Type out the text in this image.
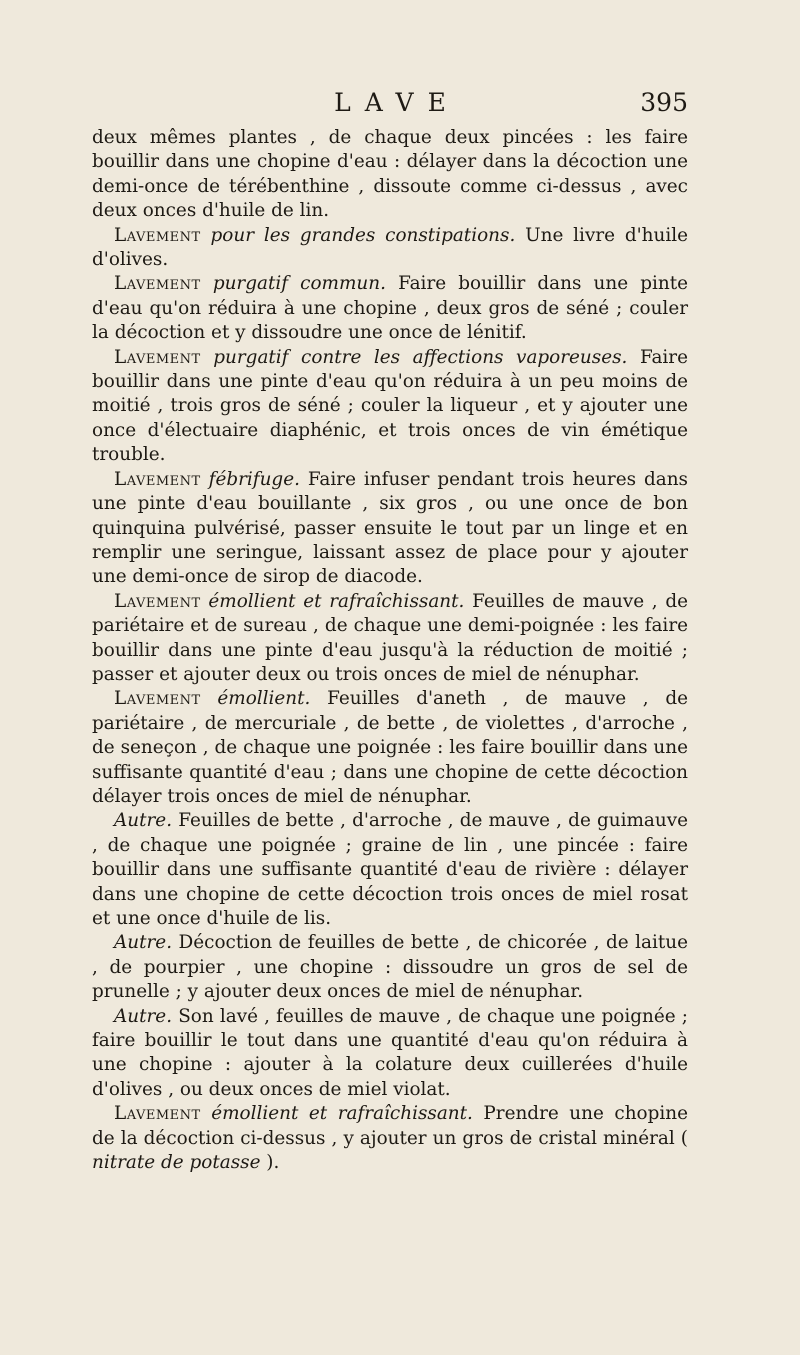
LAVE	395

deux mêmes plantes , de chaque deux pincées : les faire bouillir dans une chopine d'eau : délayer dans la décoction une demi-once de térébenthine , dissoute comme ci-dessus , avec deux onces d'huile de lin.

Lavement pour les grandes constipations. Une livre d'huile d'olives.

Lavement purgatif commun. Faire bouillir dans une pinte d'eau qu'on réduira à une chopine , deux gros de séné ; couler la décoction et y dissoudre une once de lénitif.

Lavement purgatif contre les affections vaporeuses. Faire bouillir dans une pinte d'eau qu'on réduira à un peu moins de moitié , trois gros de séné ; couler la liqueur , et y ajouter une once d'électuaire diaphénic, et trois onces de vin émétique trouble.

Lavement fébrifuge. Faire infuser pendant trois heures dans une pinte d'eau bouillante , six gros , ou une once de bon quinquina pulvérisé, passer ensuite le tout par un linge et en remplir une seringue, laissant assez de place pour y ajouter une demi-once de sirop de diacode.

Lavement émollient et rafraîchissant. Feuilles de mauve , de pariétaire et de sureau , de chaque une demi-poignée : les faire bouillir dans une pinte d'eau jusqu'à la réduction de moitié ; passer et ajouter deux ou trois onces de miel de nénuphar.

Lavement émollient. Feuilles d'aneth , de mauve , de pariétaire , de mercuriale , de bette , de violettes , d'arroche , de seneçon , de chaque une poignée : les faire bouillir dans une suffisante quantité d'eau ; dans une chopine de cette décoction délayer trois onces de miel de nénuphar.

Autre. Feuilles de bette , d'arroche , de mauve , de guimauve , de chaque une poignée ; graine de lin , une pincée : faire bouillir dans une suffisante quantité d'eau de rivière : délayer dans une chopine de cette décoction trois onces de miel rosat et une once d'huile de lis.

Autre. Décoction de feuilles de bette , de chicorée , de laitue , de pourpier , une chopine : dissoudre un gros de sel de prunelle ; y ajouter deux onces de miel de nénuphar.

Autre. Son lavé , feuilles de mauve , de chaque une poignée ; faire bouillir le tout dans une quantité d'eau qu'on réduira à une chopine : ajouter à la colature deux cuillerées d'huile d'olives , ou deux onces de miel violat.

Lavement émollient et rafraîchissant. Prendre une chopine de la décoction ci-dessus , y ajouter un gros de cristal minéral ( nitrate de potasse ).
